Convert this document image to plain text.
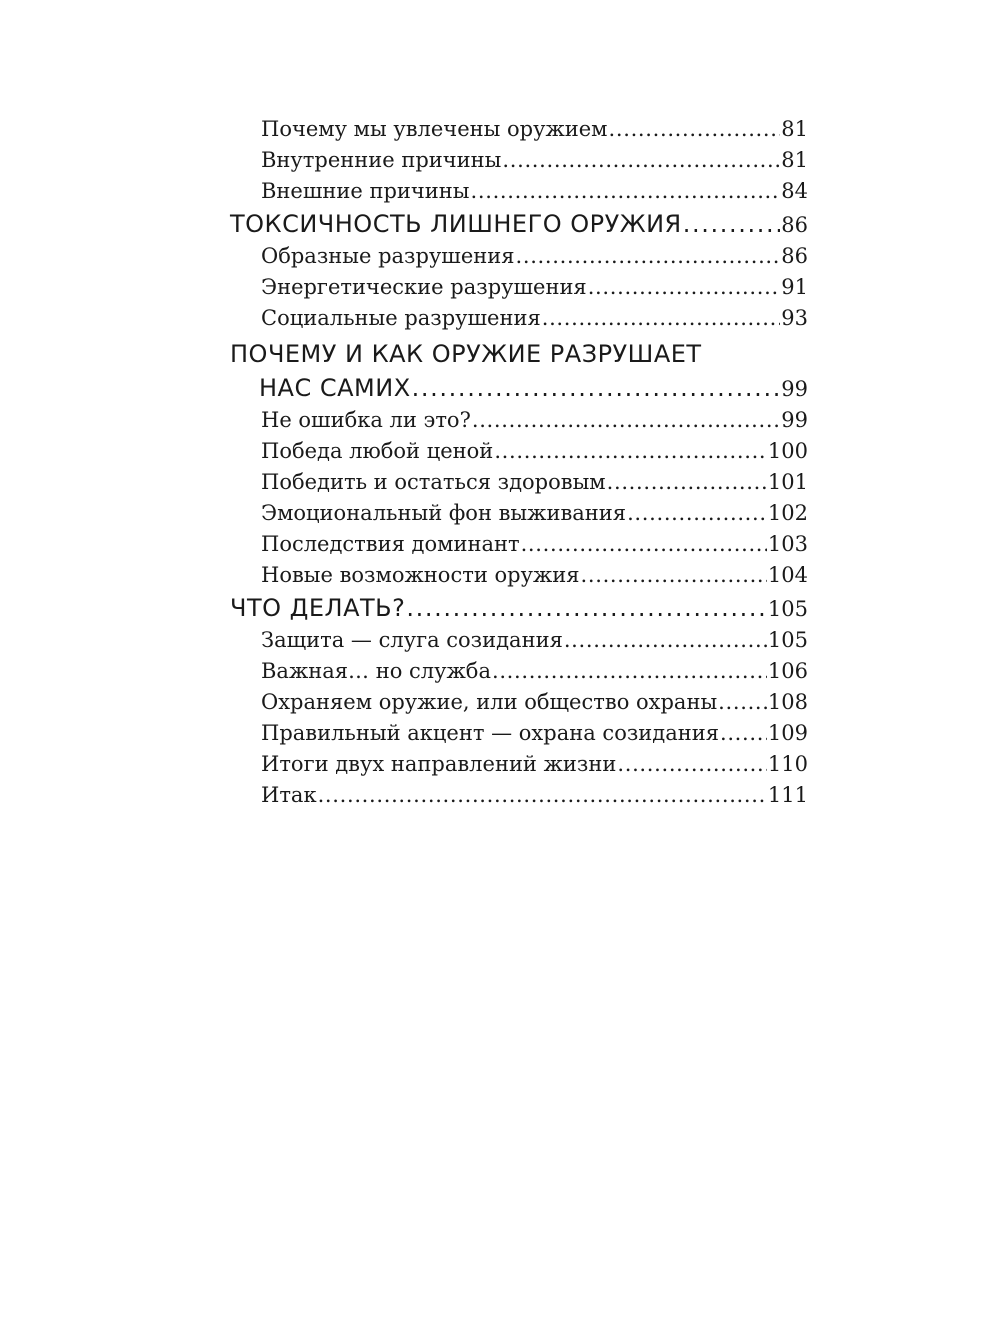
Почему мы увлечены оружием . . .	81
Внутренние причины . . .	81
Внешние причины . . .	84
ТОКСИЧНОСТЬ ЛИШНЕГО ОРУЖИЯ . . .	86
Образные разрушения . . .	86
Энергетические разрушения . . .	91
Социальные разрушения . . .	93
ПОЧЕМУ И КАК ОРУЖИЕ РАЗРУШАЕТ
НАС САМИХ . . .	99
Не ошибка ли это? . . .	99
Победа любой ценой . . .	100
Победить и остаться здоровым . . .	101
Эмоциональный фон выживания . . .	102
Последствия доминант . . .	103
Новые возможности оружия . . .	104
ЧТО ДЕЛАТЬ? . . .	105
Защита — слуга созидания . . .	105
Важная… но служба . . .	106
Охраняем оружие, или общество охраны . . . 108
Правильный акцент — охрана созидания . . . 109
Итоги двух направлений жизни . . .	110
Итак . . .	111
